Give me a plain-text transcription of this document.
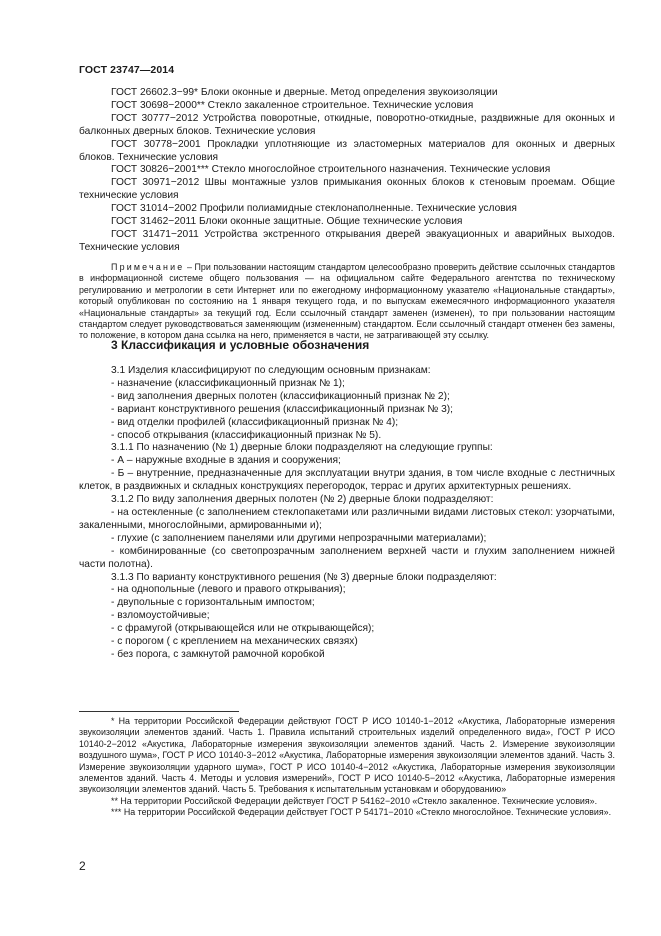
ГОСТ 23747—2014

ГОСТ 26602.3−99* Блоки оконные и дверные. Метод определения звукоизоляции

ГОСТ 30698−2000** Стекло закаленное строительное. Технические условия

ГОСТ 30777−2012 Устройства поворотные, откидные, поворотно-откидные, раздвижные для оконных и балконных дверных блоков. Технические условия

ГОСТ 30778−2001 Прокладки уплотняющие из эластомерных материалов для оконных и дверных блоков. Технические условия

ГОСТ 30826−2001*** Стекло многослойное строительного назначения. Технические условия

ГОСТ 30971−2012 Швы монтажные узлов примыкания оконных блоков к стеновым проемам. Общие технические условия

ГОСТ 31014−2002 Профили полиамидные стеклонаполненные. Технические условия

ГОСТ 31462−2011 Блоки оконные защитные. Общие технические условия

ГОСТ 31471−2011 Устройства экстренного открывания дверей эвакуационных и аварийных выходов. Технические условия

Примечание – При пользовании настоящим стандартом целесообразно проверить действие ссылочных стандартов в информационной системе общего пользования — на официальном сайте Федерального агентства по техническому регулированию и метрологии в сети Интернет или по ежегодному информационному указателю «Национальные стандарты», который опубликован по состоянию на 1 января текущего года, и по выпускам ежемесячного информационного указателя «Национальные стандарты» за текущий год. Если ссылочный стандарт заменен (изменен), то при пользовании настоящим стандартом следует руководствоваться заменяющим (измененным) стандартом. Если ссылочный стандарт отменен без замены, то положение, в котором дана ссылка на него, применяется в части, не затрагивающей эту ссылку.

3 Классификация и условные обозначения

3.1 Изделия классифицируют по следующим основным признакам:

- назначение (классификационный признак № 1);

- вид заполнения дверных полотен (классификационный признак № 2);

- вариант конструктивного решения (классификационный признак № 3);

- вид отделки профилей (классификационный признак № 4);

- способ открывания (классификационный признак № 5).

3.1.1 По назначению (№ 1) дверные блоки подразделяют на следующие группы:

- А – наружные входные в здания и сооружения;

- Б – внутренние, предназначенные для эксплуатации внутри здания, в том числе входные с лестничных клеток, в раздвижных и складных конструкциях перегородок, террас и других архитектурных решениях.

3.1.2 По виду заполнения дверных полотен (№ 2) дверные блоки подразделяют:

- на остекленные (с заполнением стеклопакетами или различными видами листовых стекол: узорчатыми, закаленными, многослойными, армированными и);

- глухие (с заполнением панелями или другими непрозрачными материалами);

- комбинированные (со светопрозрачным заполнением верхней части и глухим заполнением нижней части полотна).

3.1.3 По варианту конструктивного решения (№ 3) дверные блоки подразделяют:

- на однопольные (левого и правого открывания);

- двупольные с горизонтальным импостом;

- взломоустойчивые;

- с фрамугой (открывающейся или не открывающейся);

- с порогом ( с креплением на механических связях)

- без порога, с замкнутой рамочной коробкой

* На территории Российской Федерации действуют ГОСТ Р ИСО 10140-1−2012 «Акустика, Лабораторные измерения звукоизоляции элементов зданий. Часть 1. Правила испытаний строительных изделий определенного вида», ГОСТ Р ИСО 10140-2−2012 «Акустика, Лабораторные измерения звукоизоляции элементов зданий. Часть 2. Измерение звукоизоляции воздушного шума», ГОСТ Р ИСО 10140-3−2012 «Акустика, Лабораторные измерения звукоизоляции элементов зданий. Часть 3. Измерение звукоизоляции ударного шума», ГОСТ Р ИСО 10140-4−2012 «Акустика, Лабораторные измерения звукоизоляции элементов зданий. Часть 4. Методы и условия измерений», ГОСТ Р ИСО 10140-5−2012 «Акустика, Лабораторные измерения звукоизоляции элементов зданий. Часть 5. Требования к испытательным установкам и оборудованию»

** На территории Российской Федерации действует ГОСТ Р 54162−2010 «Стекло закаленное. Технические условия».

*** На территории Российской Федерации действует ГОСТ Р 54171−2010 «Стекло многослойное. Технические условия».

2
